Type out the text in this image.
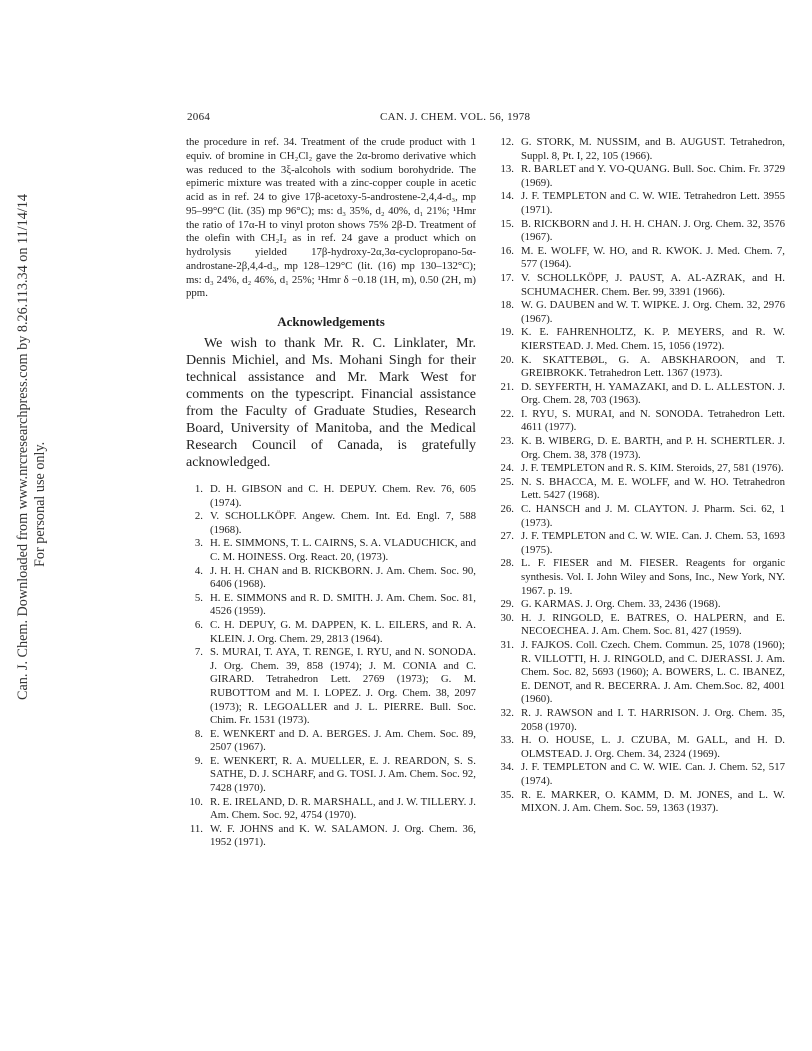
Can. J. Chem. Downloaded from www.nrcresearchpress.com by 8.26.113.34 on 11/14/14 For personal use only.
2064	CAN. J. CHEM. VOL. 56, 1978

the procedure in ref. 34. Treatment of the crude product with 1 equiv. of bromine in CH₂Cl₂ gave the 2α-bromo derivative which was reduced to the 3ξ-alcohols with sodium borohydride. The epimeric mixture was treated with a zinc-copper couple in acetic acid as in ref. 24 to give 17β-acetoxy-5-androstene-2,4,4-d₃, mp 95–99°C (lit. (35) mp 96°C); ms: d₃ 35%, d₂ 40%, d₁ 21%; ¹Hmr the ratio of 17α-H to vinyl proton shows 75% 2β-D. Treatment of the olefin with CH₂I₂ as in ref. 24 gave a product which on hydrolysis yielded 17β-hydroxy-2α,3α-cyclopropano-5α-androstane-2β,4,4-d₃, mp 128–129°C (lit. (16) mp 130–132°C); ms: d₃ 24%, d₂ 46%, d₁ 25%; ¹Hmr δ −0.18 (1H, m), 0.50 (2H, m) ppm.

Acknowledgements

We wish to thank Mr. R. C. Linklater, Mr. Dennis Michiel, and Ms. Mohani Singh for their technical assistance and Mr. Mark West for comments on the typescript. Financial assistance from the Faculty of Graduate Studies, Research Board, University of Manitoba, and the Medical Research Council of Canada, is gratefully acknowledged.

1. D. H. GIBSON and C. H. DEPUY. Chem. Rev. 76, 605 (1974).
2. V. SCHOLLKÖPF. Angew. Chem. Int. Ed. Engl. 7, 588 (1968).
3. H. E. SIMMONS, T. L. CAIRNS, S. A. VLADUCHICK, and C. M. HOINESS. Org. React. 20, (1973).
4. J. H. H. CHAN and B. RICKBORN. J. Am. Chem. Soc. 90, 6406 (1968).
5. H. E. SIMMONS and R. D. SMITH. J. Am. Chem. Soc. 81, 4526 (1959).
6. C. H. DEPUY, G. M. DAPPEN, K. L. EILERS, and R. A. KLEIN. J. Org. Chem. 29, 2813 (1964).
7. S. MURAI, T. AYA, T. RENGE, I. RYU, and N. SONODA. J. Org. Chem. 39, 858 (1974); J. M. CONIA and C. GIRARD. Tetrahedron Lett. 2769 (1973); G. M. RUBOTTOM and M. I. LOPEZ. J. Org. Chem. 38, 2097 (1973); R. LEGOALLER and J. L. PIERRE. Bull. Soc. Chim. Fr. 1531 (1973).
8. E. WENKERT and D. A. BERGES. J. Am. Chem. Soc. 89, 2507 (1967).
9. E. WENKERT, R. A. MUELLER, E. J. REARDON, S. S. SATHE, D. J. SCHARF, and G. TOSI. J. Am. Chem. Soc. 92, 7428 (1970).
10. R. E. IRELAND, D. R. MARSHALL, and J. W. TILLERY. J. Am. Chem. Soc. 92, 4754 (1970).
11. W. F. JOHNS and K. W. SALAMON. J. Org. Chem. 36, 1952 (1971).
12. G. STORK, M. NUSSIM, and B. AUGUST. Tetrahedron, Suppl. 8, Pt. I, 22, 105 (1966).
13. R. BARLET and Y. VO-QUANG. Bull. Soc. Chim. Fr. 3729 (1969).
14. J. F. TEMPLETON and C. W. WIE. Tetrahedron Lett. 3955 (1971).
15. B. RICKBORN and J. H. H. CHAN. J. Org. Chem. 32, 3576 (1967).
16. M. E. WOLFF, W. HO, and R. KWOK. J. Med. Chem. 7, 577 (1964).
17. V. SCHOLLKÖPF, J. PAUST, A. AL-AZRAK, and H. SCHUMACHER. Chem. Ber. 99, 3391 (1966).
18. W. G. DAUBEN and W. T. WIPKE. J. Org. Chem. 32, 2976 (1967).
19. K. E. FAHRENHOLTZ, K. P. MEYERS, and R. W. KIERSTEAD. J. Med. Chem. 15, 1056 (1972).
20. K. SKATTEBØL, G. A. ABSKHAROON, and T. GREIBROKK. Tetrahedron Lett. 1367 (1973).
21. D. SEYFERTH, H. YAMAZAKI, and D. L. ALLESTON. J. Org. Chem. 28, 703 (1963).
22. I. RYU, S. MURAI, and N. SONODA. Tetrahedron Lett. 4611 (1977).
23. K. B. WIBERG, D. E. BARTH, and P. H. SCHERTLER. J. Org. Chem. 38, 378 (1973).
24. J. F. TEMPLETON and R. S. KIM. Steroids, 27, 581 (1976).
25. N. S. BHACCA, M. E. WOLFF, and W. HO. Tetrahedron Lett. 5427 (1968).
26. C. HANSCH and J. M. CLAYTON. J. Pharm. Sci. 62, 1 (1973).
27. J. F. TEMPLETON and C. W. WIE. Can. J. Chem. 53, 1693 (1975).
28. L. F. FIESER and M. FIESER. Reagents for organic synthesis. Vol. I. John Wiley and Sons, Inc., New York, NY. 1967. p. 19.
29. G. KARMAS. J. Org. Chem. 33, 2436 (1968).
30. H. J. RINGOLD, E. BATRES, O. HALPERN, and E. NECOECHEA. J. Am. Chem. Soc. 81, 427 (1959).
31. J. FAJKOS. Coll. Czech. Chem. Commun. 25, 1078 (1960); R. VILLOTTI, H. J. RINGOLD, and C. DJERASSI. J. Am. Chem. Soc. 82, 5693 (1960); A. BOWERS, L. C. IBANEZ, E. DENOT, and R. BECERRA. J. Am. Chem.Soc. 82, 4001 (1960).
32. R. J. RAWSON and I. T. HARRISON. J. Org. Chem. 35, 2058 (1970).
33. H. O. HOUSE, L. J. CZUBA, M. GALL, and H. D. OLMSTEAD. J. Org. Chem. 34, 2324 (1969).
34. J. F. TEMPLETON and C. W. WIE. Can. J. Chem. 52, 517 (1974).
35. R. E. MARKER, O. KAMM, D. M. JONES, and L. W. MIXON. J. Am. Chem. Soc. 59, 1363 (1937).
